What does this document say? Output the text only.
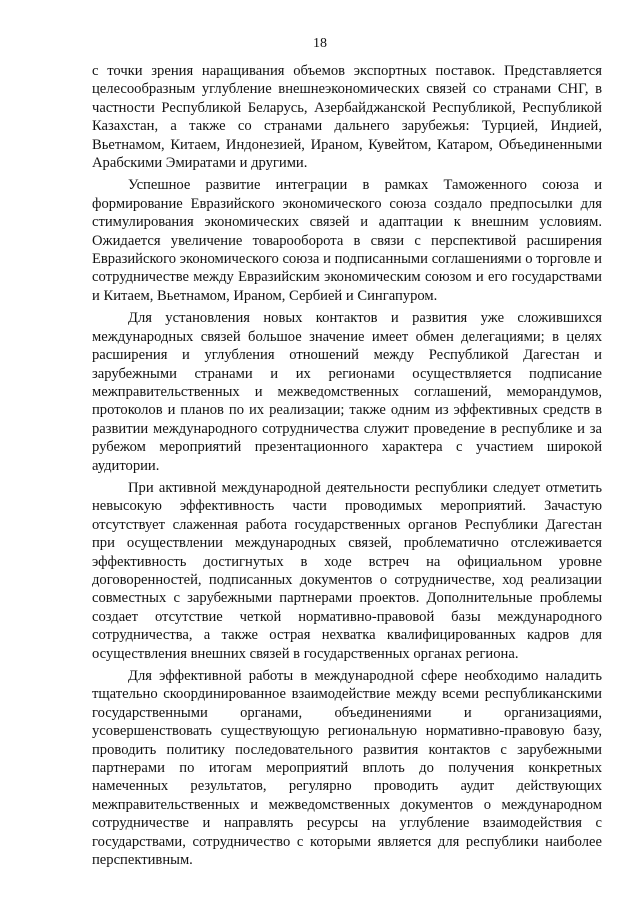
18

с точки зрения наращивания объемов экспортных поставок. Представляется целесообразным углубление внешнеэкономических связей со странами СНГ, в частности Республикой Беларусь, Азербайджанской Республикой, Республикой Казахстан, а также со странами дальнего зарубежья: Турцией, Индией, Вьетнамом, Китаем, Индонезией, Ираном, Кувейтом, Катаром, Объединенными Арабскими Эмиратами и другими.

Успешное развитие интеграции в рамках Таможенного союза и формирование Евразийского экономического союза создало предпосылки для стимулирования экономических связей и адаптации к внешним условиям. Ожидается увеличение товарооборота в связи с перспективой расширения Евразийского экономического союза и подписанными соглашениями о торговле и сотрудничестве между Евразийским экономическим союзом и его государствами и Китаем, Вьетнамом, Ираном, Сербией и Сингапуром.

Для установления новых контактов и развития уже сложившихся международных связей большое значение имеет обмен делегациями; в целях расширения и углубления отношений между Республикой Дагестан и зарубежными странами и их регионами осуществляется подписание межправительственных и межведомственных соглашений, меморандумов, протоколов и планов по их реализации; также одним из эффективных средств в развитии международного сотрудничества служит проведение в республике и за рубежом мероприятий презентационного характера с участием широкой аудитории.

При активной международной деятельности республики следует отметить невысокую эффективность части проводимых мероприятий. Зачастую отсутствует слаженная работа государственных органов Республики Дагестан при осуществлении международных связей, проблематично отслеживается эффективность достигнутых в ходе встреч на официальном уровне договоренностей, подписанных документов о сотрудничестве, ход реализации совместных с зарубежными партнерами проектов. Дополнительные проблемы создает отсутствие четкой нормативно-правовой базы международного сотрудничества, а также острая нехватка квалифицированных кадров для осуществления внешних связей в государственных органах региона.

Для эффективной работы в международной сфере необходимо наладить тщательно скоординированное взаимодействие между всеми республиканскими государственными органами, объединениями и организациями, усовершенствовать существующую региональную нормативно-правовую базу, проводить политику последовательного развития контактов с зарубежными партнерами по итогам мероприятий вплоть до получения конкретных намеченных результатов, регулярно проводить аудит действующих межправительственных и межведомственных документов о международном сотрудничестве и направлять ресурсы на углубление взаимодействия с государствами, сотрудничество с которыми является для республики наиболее перспективным.
